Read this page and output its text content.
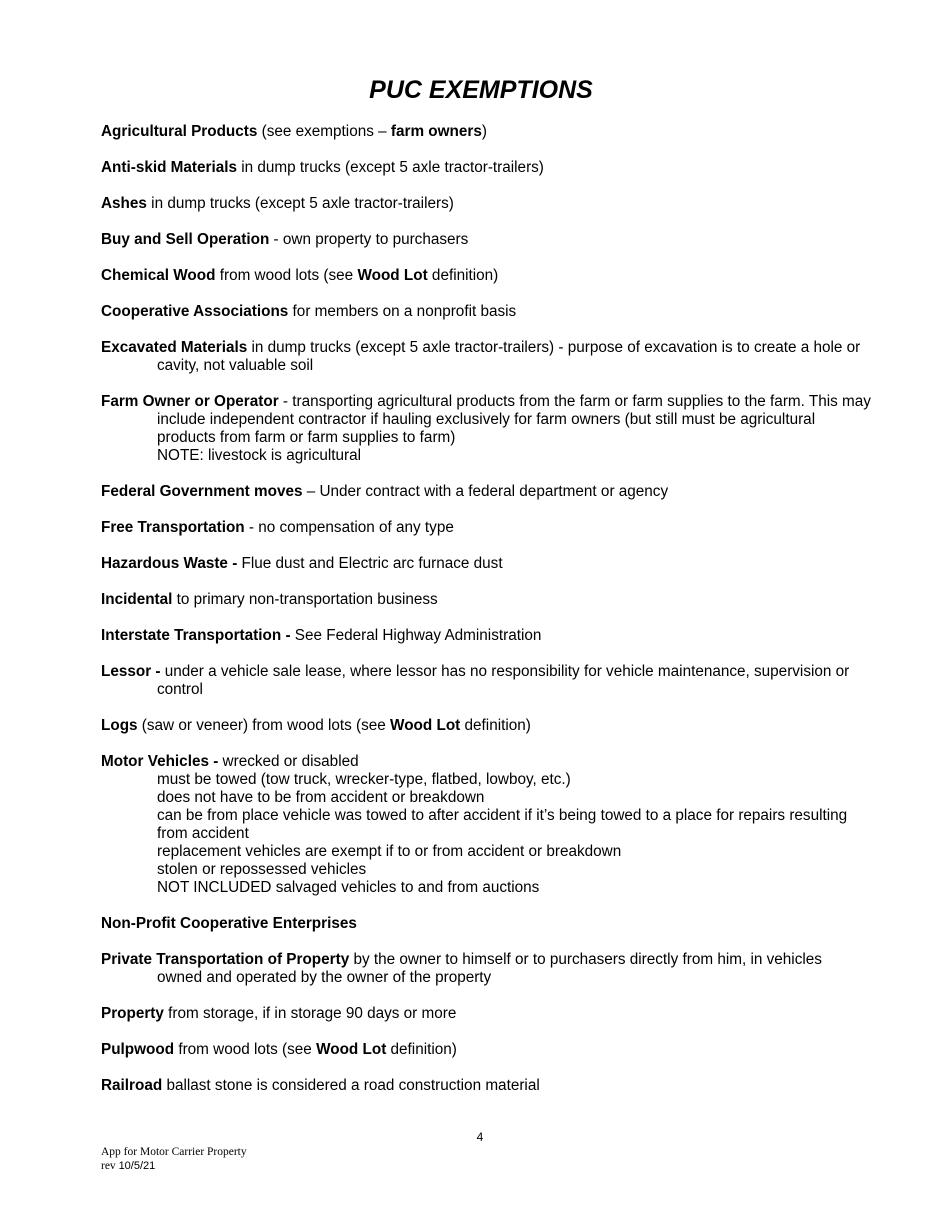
PUC EXEMPTIONS

Agricultural Products (see exemptions – farm owners)

Anti-skid Materials in dump trucks (except 5 axle tractor-trailers)

Ashes in dump trucks (except 5 axle tractor-trailers)

Buy and Sell Operation - own property to purchasers

Chemical Wood from wood lots (see Wood Lot definition)

Cooperative Associations for members on a nonprofit basis

Excavated Materials in dump trucks (except 5 axle tractor-trailers) - purpose of excavation is to create a hole or cavity, not valuable soil

Farm Owner or Operator - transporting agricultural products from the farm or farm supplies to the farm. This may include independent contractor if hauling exclusively for farm owners (but still must be agricultural products from farm or farm supplies to farm)

NOTE: livestock is agricultural

Federal Government moves – Under contract with a federal department or agency

Free Transportation - no compensation of any type

Hazardous Waste - Flue dust and Electric arc furnace dust

Incidental to primary non-transportation business

Interstate Transportation - See Federal Highway Administration

Lessor - under a vehicle sale lease, where lessor has no responsibility for vehicle maintenance, supervision or control

Logs (saw or veneer) from wood lots (see Wood Lot definition)

Motor Vehicles - wrecked or disabled

must be towed (tow truck, wrecker-type, flatbed, lowboy, etc.)
does not have to be from accident or breakdown
can be from place vehicle was towed to after accident if it’s being towed to a place for repairs resulting from accident
replacement vehicles are exempt if to or from accident or breakdown
stolen or repossessed vehicles
NOT INCLUDED salvaged vehicles to and from auctions

Non-Profit Cooperative Enterprises

Private Transportation of Property by the owner to himself or to purchasers directly from him, in vehicles owned and operated by the owner of the property

Property from storage, if in storage 90 days or more

Pulpwood from wood lots (see Wood Lot definition)

Railroad ballast stone is considered a road construction material

4
App for Motor Carrier Property
rev 10/5/21
